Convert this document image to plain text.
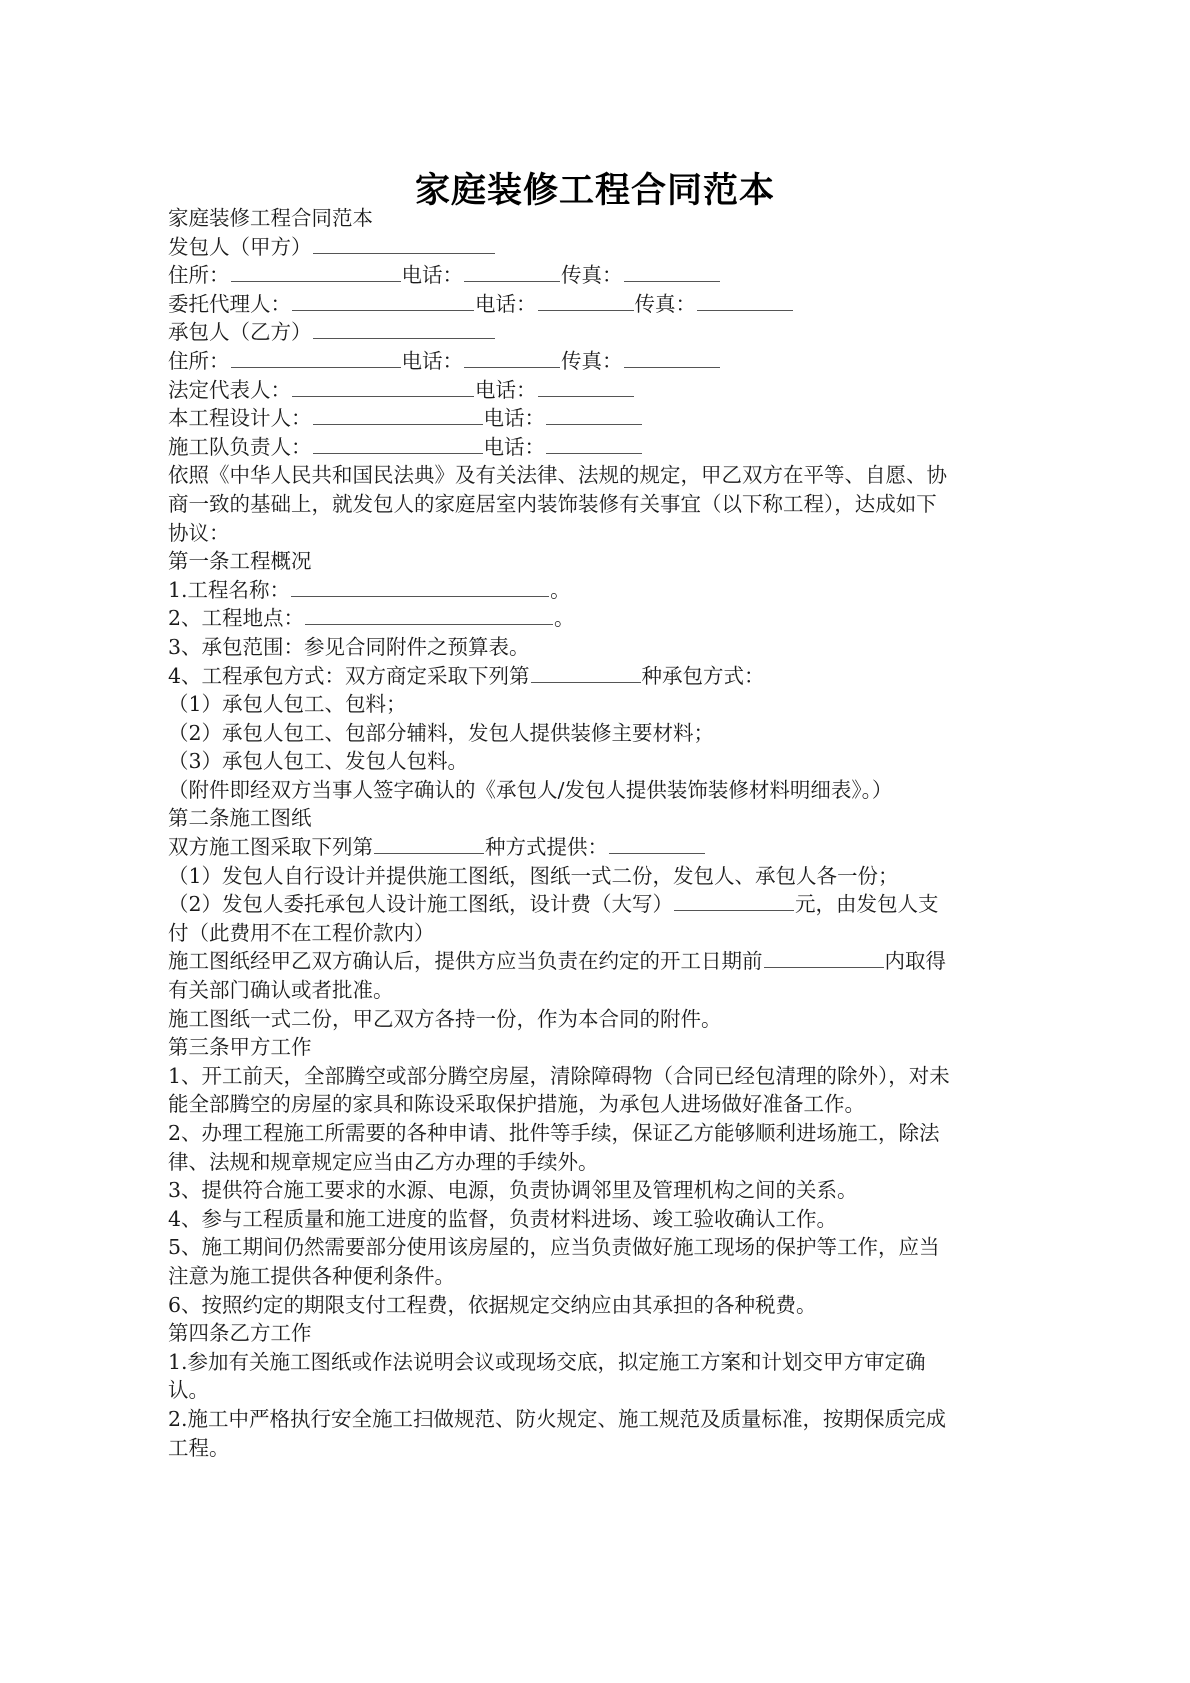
家庭装修工程合同范本
家庭装修工程合同范本
发包人（甲方）
住所：	电话：	传真：
委托代理人：	电话：	传真：
承包人（乙方）
住所：	电话：	传真：
法定代表人：	电话：
本工程设计人：	电话：
施工队负责人：	电话：
依照《中华人民共和国民法典》及有关法律、法规的规定，甲乙双方在平等、自愿、协商一致的基础上，就发包人的家庭居室内装饰装修有关事宜（以下称工程），达成如下协议：
第一条工程概况
1.工程名称：	。
2、工程地点：	。
3、承包范围：参见合同附件之预算表。
4、工程承包方式：双方商定采取下列第	种承包方式：
（1）承包人包工、包料；
（2）承包人包工、包部分辅料，发包人提供装修主要材料；
（3）承包人包工、发包人包料。
（附件即经双方当事人签字确认的《承包人/发包人提供装饰装修材料明细表》。）
第二条施工图纸
双方施工图采取下列第	种方式提供：
（1）发包人自行设计并提供施工图纸，图纸一式二份，发包人、承包人各一份；
（2）发包人委托承包人设计施工图纸，设计费（大写）	元，由发包人支付（此费用不在工程价款内）
施工图纸经甲乙双方确认后，提供方应当负责在约定的开工日期前	内取得有关部门确认或者批准。
施工图纸一式二份，甲乙双方各持一份，作为本合同的附件。
第三条甲方工作
1、开工前天，全部腾空或部分腾空房屋，清除障碍物（合同已经包清理的除外），对未能全部腾空的房屋的家具和陈设采取保护措施，为承包人进场做好准备工作。
2、办理工程施工所需要的各种申请、批件等手续，保证乙方能够顺利进场施工，除法律、法规和规章规定应当由乙方办理的手续外。
3、提供符合施工要求的水源、电源，负责协调邻里及管理机构之间的关系。
4、参与工程质量和施工进度的监督，负责材料进场、竣工验收确认工作。
5、施工期间仍然需要部分使用该房屋的，应当负责做好施工现场的保护等工作，应当注意为施工提供各种便利条件。
6、按照约定的期限支付工程费，依据规定交纳应由其承担的各种税费。
第四条乙方工作
1.参加有关施工图纸或作法说明会议或现场交底，拟定施工方案和计划交甲方审定确认。
2.施工中严格执行安全施工扫做规范、防火规定、施工规范及质量标准，按期保质完成工程。
